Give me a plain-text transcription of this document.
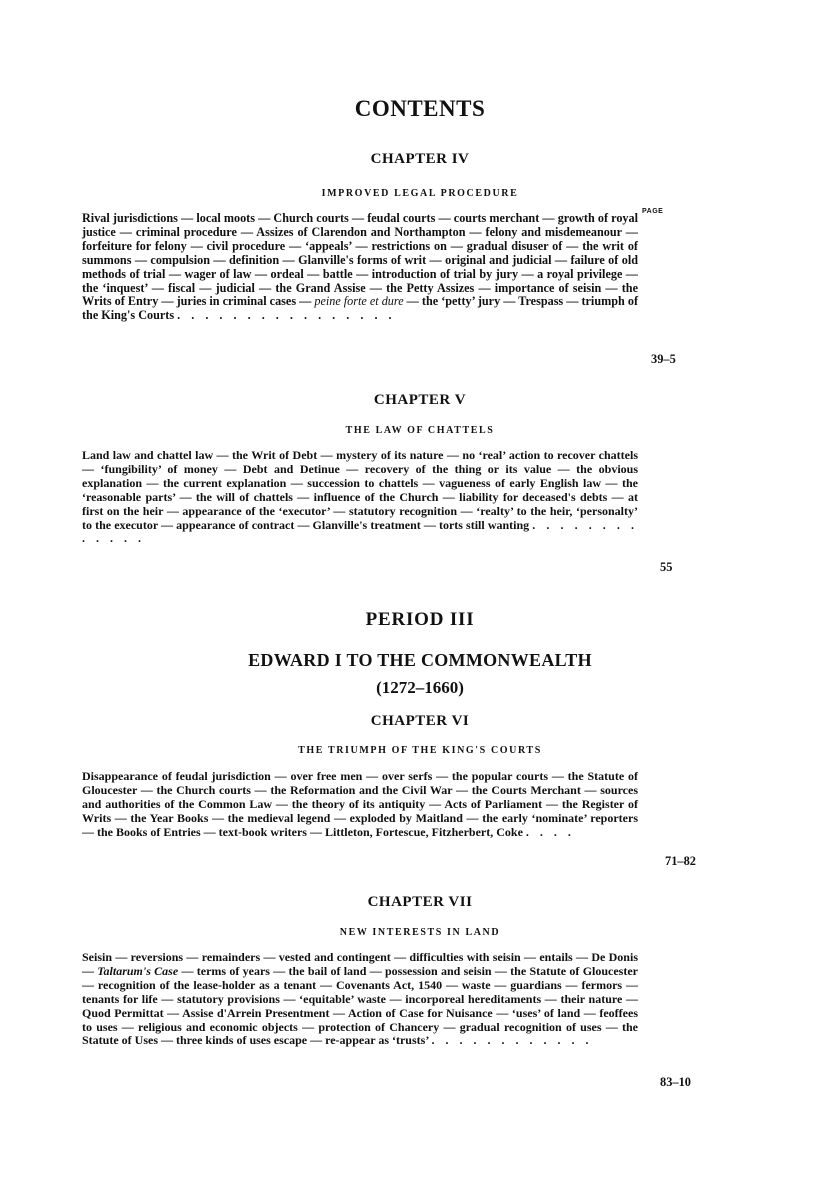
CONTENTS
CHAPTER IV
IMPROVED LEGAL PROCEDURE
PAGE
Rival jurisdictions — local moots — Church courts — feudal courts — courts merchant — growth of royal justice — criminal procedure — Assizes of Clarendon and Northampton — felony and misdemeanour — forfeiture for felony — civil procedure — ‘appeals’ — restrictions on — gradual disuser of — the writ of summons — compulsion — definition — Glanville's forms of writ — original and judicial — failure of old methods of trial — wager of law — ordeal — battle — introduction of trial by jury — a royal privilege — the ‘inquest’ — fiscal — judicial — the Grand Assise — the Petty Assizes — importance of seisin — the Writs of Entry — juries in criminal cases — peine forte et dure — the ‘petty’ jury — Trespass — triumph of the King's Courts . . . . . . . . . . . . . . . .
39–5
CHAPTER V
THE LAW OF CHATTELS
Land law and chattel law — the Writ of Debt — mystery of its nature — no ‘real’ action to recover chattels — ‘fungibility’ of money — Debt and Detinue — recovery of the thing or its value — the obvious explanation — the current explanation — succession to chattels — vagueness of early English law — the ‘reasonable parts’ — the will of chattels — influence of the Church — liability for deceased's debts — at first on the heir — appearance of the ‘executor’ — statutory recognition — ‘realty’ to the heir, ‘personalty’ to the executor — appearance of contract — Glanville's treatment — torts still wanting . . . . . . . . . . . . .
55
PERIOD III
EDWARD I TO THE COMMONWEALTH
(1272–1660)
CHAPTER VI
THE TRIUMPH OF THE KING'S COURTS
Disappearance of feudal jurisdiction — over free men — over serfs — the popular courts — the Statute of Gloucester — the Church courts — the Reformation and the Civil War — the Courts Merchant — sources and authorities of the Common Law — the theory of its antiquity — Acts of Parliament — the Register of Writs — the Year Books — the medieval legend — exploded by Maitland — the early ‘nominate’ reporters — the Books of Entries — text-book writers — Littleton, Fortescue, Fitzherbert, Coke . . . .
71–82
CHAPTER VII
NEW INTERESTS IN LAND
Seisin — reversions — remainders — vested and contingent — difficulties with seisin — entails — De Donis — Taltarum's Case — terms of years — the bail of land — possession and seisin — the Statute of Gloucester — recognition of the lease-holder as a tenant — Covenants Act, 1540 — waste — guardians — fermors — tenants for life — statutory provisions — ‘equitable’ waste — incorporeal hereditaments — their nature — Quod Permittat — Assise d'Arrein Presentment — Action of Case for Nuisance — ‘uses’ of land — feoffees to uses — religious and economic objects — protection of Chancery — gradual recognition of uses — the Statute of Uses — three kinds of uses escape — re-appear as ‘trusts’ . . . . . . . . . . . .
83–10
